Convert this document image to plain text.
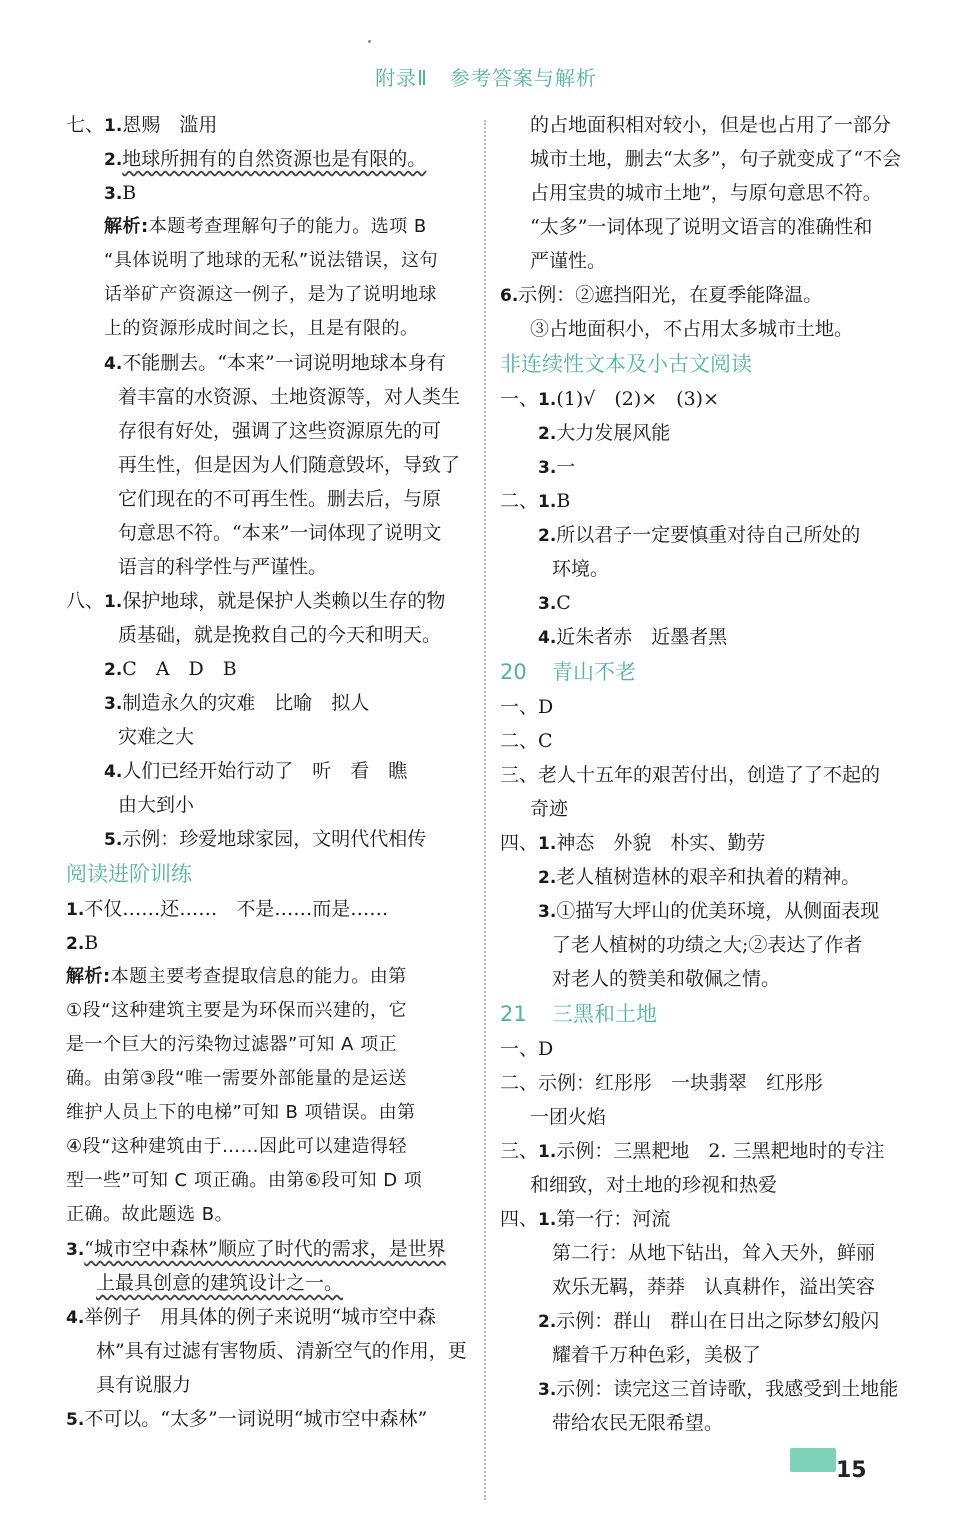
附录Ⅱ 参考答案与解析
七、1.恩赐　滥用
2.地球所拥有的自然资源也是有限的。
3.B
解析:本题考查理解句子的能力。选项 B
“具体说明了地球的无私”说法错误，这句
话举矿产资源这一例子，是为了说明地球
上的资源形成时间之长，且是有限的。
4.不能删去。“本来”一词说明地球本身有
着丰富的水资源、土地资源等，对人类生
存很有好处，强调了这些资源原先的可
再生性，但是因为人们随意毁坏，导致了
它们现在的不可再生性。删去后，与原
句意思不符。“本来”一词体现了说明文
语言的科学性与严谨性。
八、1.保护地球，就是保护人类赖以生存的物
质基础，就是挽救自己的今天和明天。
2.C　A　D　B
3.制造永久的灾难　比喻　拟人
灾难之大
4.人们已经开始行动了　听　看　瞧
由大到小
5.示例：珍爱地球家园，文明代代相传
阅读进阶训练
1.不仅……还……　不是……而是……
2.B
解析:本题主要考查提取信息的能力。由第
①段“这种建筑主要是为环保而兴建的，它
是一个巨大的污染物过滤器”可知 A 项正
确。由第③段“唯一需要外部能量的是运送
维护人员上下的电梯”可知 B 项错误。由第
④段“这种建筑由于……因此可以建造得轻
型一些”可知 C 项正确。由第⑥段可知 D 项
正确。故此题选 B。
3.“城市空中森林”顺应了时代的需求，是世界
上最具创意的建筑设计之一。
4.举例子　用具体的例子来说明“城市空中森
林”具有过滤有害物质、清新空气的作用，更
具有说服力
5.不可以。“太多”一词说明“城市空中森林”
的占地面积相对较小，但是也占用了一部分
城市土地，删去“太多”，句子就变成了“不会
占用宝贵的城市土地”，与原句意思不符。
“太多”一词体现了说明文语言的准确性和
严谨性。
6.示例：②遮挡阳光，在夏季能降温。
③占地面积小，不占用太多城市土地。
非连续性文本及小古文阅读
一、1.(1)√　(2)×　(3)×
2.大力发展风能
3.一
二、1.B
2.所以君子一定要慎重对待自己所处的
环境。
3.C
4.近朱者赤　近墨者黑
20 青山不老
一、D
二、C
三、老人十五年的艰苦付出，创造了了不起的
奇迹
四、1.神态　外貌　朴实、勤劳
2.老人植树造林的艰辛和执着的精神。
3.①描写大坪山的优美环境，从侧面表现
了老人植树的功绩之大;②表达了作者
对老人的赞美和敬佩之情。
21 三黑和土地
一、D
二、示例：红彤彤　一块翡翠　红彤彤
一团火焰
三、1.示例：三黑耙地　2. 三黑耙地时的专注
和细致，对土地的珍视和热爱
四、1.第一行：河流
第二行：从地下钻出，耸入天外，鲜丽
欢乐无羁，莽莽　认真耕作，溢出笑容
2.示例：群山　群山在日出之际梦幻般闪
耀着千万种色彩，美极了
3.示例：读完这三首诗歌，我感受到土地能
带给农民无限希望。
15
